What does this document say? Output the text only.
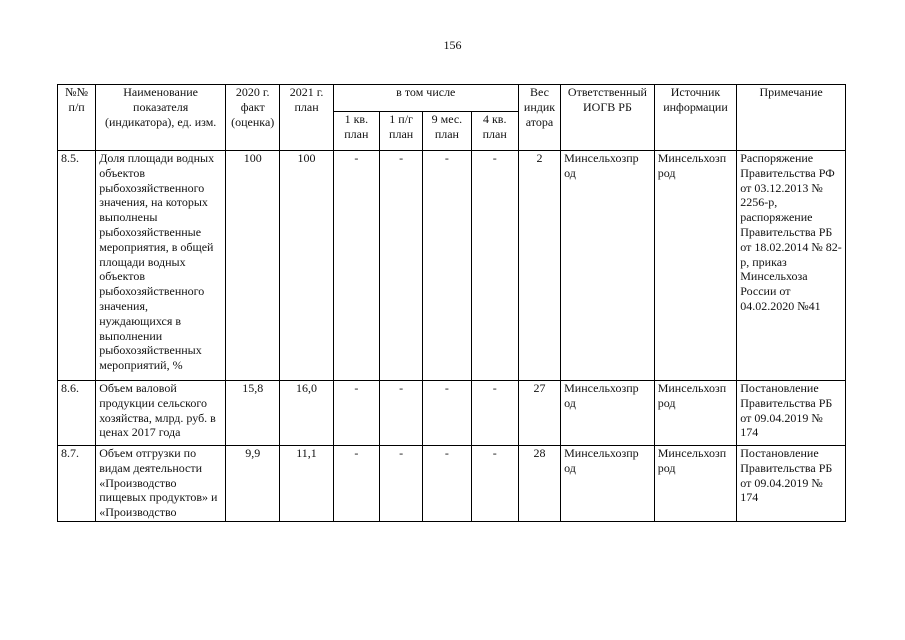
156
№№ п/п	Наименование показателя (индикатора), ед. изм.	2020 г. факт (оценка)	2021 г. план	в том числе				Вес индик атора	Ответственный ИОГВ РБ	Источник информации	Примечание
				1 кв. план	1 п/г план	9 мес. план	4 кв. план				
8.5.	Доля площади водных объектов рыбохозяйственного значения, на которых выполнены рыбохозяйственные мероприятия, в общей площади водных объектов рыбохозяйственного значения, нуждающихся в выполнении рыбохозяйственных мероприятий, %	100	100	-	-	-	-	2	Минсельхозпр од	Минсельхозп род	Распоряжение Правительства РФ от 03.12.2013 № 2256-р, распоряжение Правительства РБ от 18.02.2014 № 82-р, приказ Минсельхоза России от 04.02.2020 №41
8.6.	Объем валовой продукции сельского хозяйства, млрд. руб. в ценах 2017 года	15,8	16,0	-	-	-	-	27	Минсельхозпр од	Минсельхозп род	Постановление Правительства РБ от 09.04.2019 № 174
8.7.	Объем отгрузки по видам деятельности «Производство пищевых продуктов» и «Производство	9,9	11,1	-	-	-	-	28	Минсельхозпр од	Минсельхозп род	Постановление Правительства РБ от 09.04.2019 № 174
